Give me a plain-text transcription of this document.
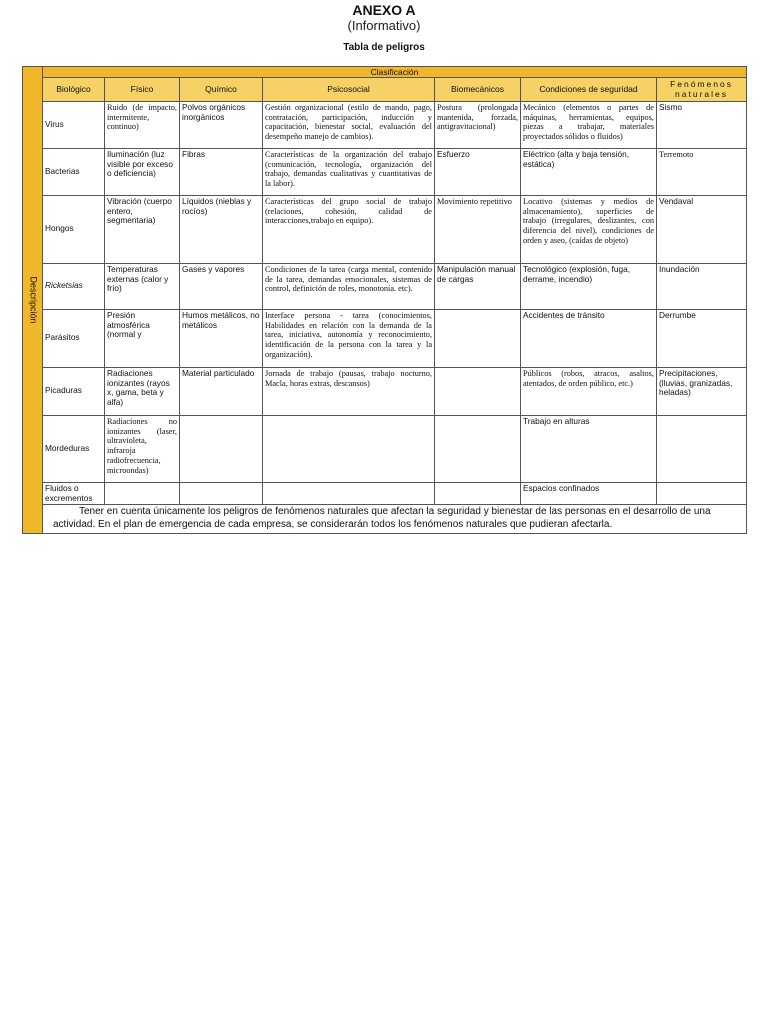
ANEXO A
(Informativo)
Tabla de peligros
Descripción	Clasificación						
	Biológico	Físico	Químico	Psicosocial	Biomecánicos	Condiciones de seguridad	Fenómenos naturales
	Virus	Ruido (de impacto, intermitente, continuo)	Polvos orgánicos inorgánicos	Gestión organizacional (estilo de mando, pago, contratación, participación, inducción y capacitación, bienestar social, evaluación del desempeño manejo de cambios).	Postura (prolongada mantenida, forzada, antigravitacional)	Mecánico (elementos o partes de máquinas, herramientas, equipos, piezas a trabajar, materiales proyectados sólidos o fluidos)	Sismo
	Bacterias	Iluminación (luz visible por exceso o deficiencia)	Fibras	Características de la organización del trabajo (comunicación, tecnología, organización del trabajo, demandas cualitativas y cuantitativas de la labor).	Esfuerzo	Eléctrico (alta y baja tensión, estática)	Terremoto
	Hongos	Vibración (cuerpo entero, segmentaria)	Líquidos (nieblas y rocíos)	Características del grupo social de trabajo (relaciones, cohesión, calidad de interacciones,trabajo en equipo).	Movimiento repetitivo	Locativo (sistemas y medios de almacenamiento), superficies de trabajo (irregulares, deslizantes, con diferencia del nivel), condiciones de orden y aseo, (caídas de objeto)	Vendaval
	Ricketsias	Temperaturas externas (calor y frío)	Gases y vapores	Condiciones de la tarea (carga mental, contenido de la tarea, demandas emocionales, sistemas de control, definición de roles, monotonía. etc).	Manipulación manual de cargas	Tecnológico (explosión, fuga, derrame, incendio)	Inundación
	Parásitos	Presión atmosférica (normal y	Humos metálicos, no metálicos	Interface persona - tarea (conocimientos, Habilidades en relación con la demanda de la tarea, iniciativa, autonomía y reconocimiento, identificación de la persona con la tarea y la organización).		Accidentes de tránsito	Derrumbe
	Picaduras	Radiaciones ionizantes (rayos x, gama, beta y alfa)	Material particulado	Jornada de trabajo (pausas, trabajo nocturno, Macla, horas extras, descansos)		Públicos (robos, atracos, asaltos, atentados, de orden público, etc.)	Precipitaciones, (lluvias, granizadas, heladas)
	Mordeduras	Radiaciones no ionizantes (laser, ultravioleta, infraroja radiofrecuencia, microondas)				Trabajo en alturas	
	Fluidos o excrementos					Espacios confinados	
	Tener en cuenta únicamente los peligros de fenómenos naturales que afectan la seguridad y bienestar de las personas en el desarrollo de una actividad. En el plan de emergencia de cada empresa, se considerarán todos los fenómenos naturales que pudieran afectarla.						
